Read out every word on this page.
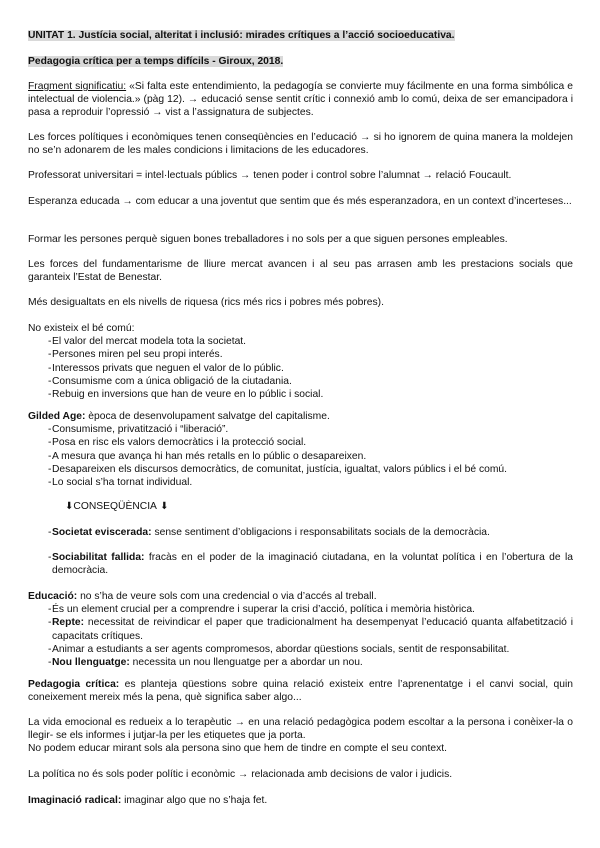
UNITAT 1. Justícia social, alteritat i inclusió: mirades crítiques a l’acció socioeducativa.
Pedagogia crítica per a temps difícils - Giroux, 2018.
Fragment significatiu: «Si falta este entendimiento, la pedagogía se convierte muy fácilmente en una forma simbólica e intelectual de violencia.» (pàg 12). → educació sense sentit crític i connexió amb lo comú, deixa de ser emancipadora i pasa a reproduir l’opressió → vist a l’assignatura de subjectes.
Les forces polítiques i econòmiques tenen conseqüències en l’educació → si ho ignorem de quina manera la moldejen no se’n adonarem de les males condicions i limitacions de les educadores.
Professorat universitari = intel·lectuals públics → tenen poder i control sobre l’alumnat → relació Foucault.
Esperanza educada → com educar a una joventut que sentim que és més esperanzadora, en un context d’incerteses...
Formar les persones perquè siguen bones treballadores i no sols per a que siguen persones empleables.
Les forces del fundamentarisme de lliure mercat avancen i al seu pas arrasen amb les prestacions socials que garanteix l’Estat de Benestar.
Més desigualtats en els nivells de riquesa (rics més rics i pobres més pobres).
No existeix el bé comú:
- El valor del mercat modela tota la societat.
- Persones miren pel seu propi interés.
- Interessos privats que neguen el valor de lo públic.
- Consumisme com a única obligació de la ciutadania.
- Rebuig en inversions que han de veure en lo públic i social.
Gilded Age: època de desenvolupament salvatge del capitalisme.
- Consumisme, privatització i “liberació”.
- Posa en risc els valors democràtics i la protecció social.
- A mesura que avança hi han més retalls en lo públic o desapareixen.
- Desapareixen els discursos democràtics, de comunitat, justícia, igualtat, valors públics i el bé comú.
- Lo social s’ha tornat individual.
⬇CONSEQÜÈNCIA ⬇
- Societat eviscerada: sense sentiment d’obligacions i responsabilitats socials de la democràcia.
- Sociabilitat fallida: fracàs en el poder de la imaginació ciutadana, en la voluntat política i en l’obertura de la democràcia.
Educació: no s’ha de veure sols com una credencial o via d’accés al treball.
- És un element crucial per a comprendre i superar la crisi d’acció, política i memòria històrica.
- Repte: necessitat de reivindicar el paper que tradicionalment ha desempenyat l’educació quanta alfabetització i capacitats crítiques.
- Animar a estudiants a ser agents compromesos, abordar qüestions socials, sentit de responsabilitat.
- Nou llenguatge: necessita un nou llenguatge per a abordar un nou.
Pedagogia crítica: es planteja qüestions sobre quina relació existeix entre l’aprenentatge i el canvi social, quin coneixement mereix més la pena, què significa saber algo...
La vida emocional es redueix a lo terapèutic → en una relació pedagògica podem escoltar a la persona i conèixer-la o llegir- se els informes i jutjar-la per les etiquetes que ja porta.
No podem educar mirant sols ala persona sino que hem de tindre en compte el seu context.
La política no és sols poder polític i econòmic → relacionada amb decisions de valor i judicis.
Imaginació radical: imaginar algo que no s’haja fet.
